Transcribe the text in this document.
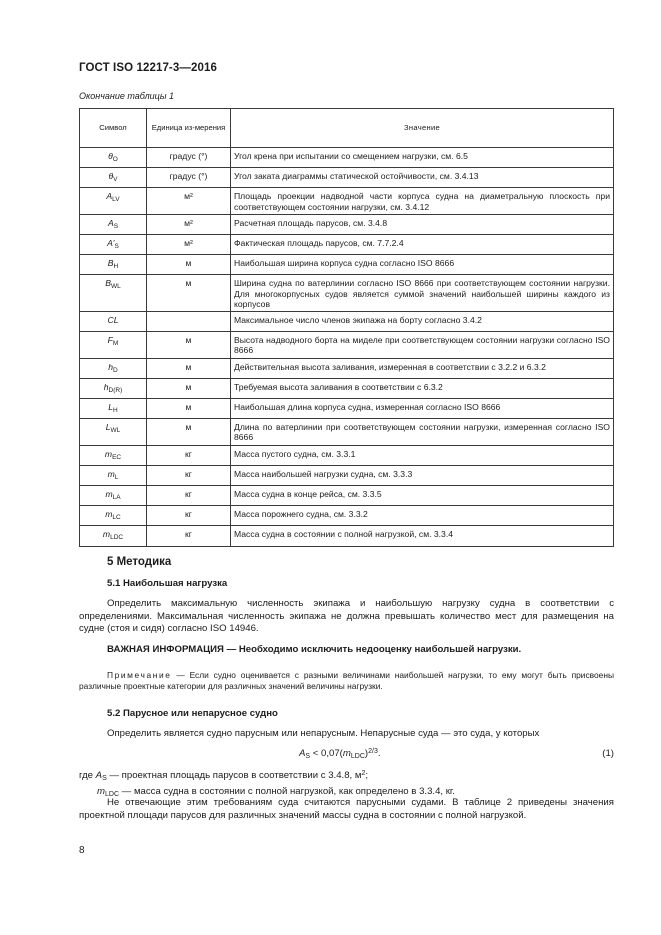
ГОСТ ISO 12217-3—2016
Окончание таблицы 1
Символ	Единица из-мерения	Значение
$\theta_O$	градус (°)	Угол крена при испытании со смещением нагрузки, см. 6.5
$\theta_V$	градус (°)	Угол заката диаграммы статической остойчивости, см. 3.4.13
$A_{LV}$	м²	Площадь проекции надводной части корпуса судна на диаметральную плоскость при соответствующем состоянии нагрузки, см. 3.4.12
$A_S$	м²	Расчетная площадь парусов, см. 3.4.8
$A’_S$	м²	Фактическая площадь парусов, см. 7.7.2.4
$B_H$	м	Наибольшая ширина корпуса судна согласно ISO 8666
$B_{WL}$	м	Ширина судна по ватерлинии согласно ISO 8666 при соответствующем состоянии нагрузки. Для многокорпусных судов является суммой значений наибольшей ширины каждого из корпусов
CL		Максимальное число членов экипажа на борту согласно 3.4.2
$F_M$	м	Высота надводного борта на миделе при соответствующем состоянии нагрузки согласно ISO 8666
$h_D$	м	Действительная высота заливания, измеренная в соответствии с 3.2.2 и 6.3.2
$h_{D(R)}$	м	Требуемая высота заливания в соответствии с 6.3.2
$L_H$	м	Наибольшая длина корпуса судна, измеренная согласно ISO 8666
$L_{WL}$	м	Длина по ватерлинии при соответствующем состоянии нагрузки, измеренная согласно ISO 8666
$m_{EC}$	кг	Масса пустого судна, см. 3.3.1
$m_L$	кг	Масса наибольшей нагрузки судна, см. 3.3.3
$m_{LA}$	кг	Масса судна в конце рейса, см. 3.3.5
$m_{LC}$	кг	Масса порожнего судна, см. 3.3.2
$m_{LDC}$	кг	Масса судна в состоянии с полной нагрузкой, см. 3.3.4
5 Методика
5.1 Наибольшая нагрузка
Определить максимальную численность экипажа и наибольшую нагрузку судна в соответствии с определениями. Максимальная численность экипажа не должна превышать количество мест для размещения на судне (стоя и сидя) согласно ISO 14946.
ВАЖНАЯ ИНФОРМАЦИЯ — Необходимо исключить недооценку наибольшей нагрузки.
Примечание — Если судно оценивается с разными величинами наибольшей нагрузки, то ему могут быть присвоены различные проектные категории для различных значений величины нагрузки.
5.2 Парусное или непарусное судно
Определить является судно парусным или непарусным. Непарусные суда — это суда, у которых
$A_S < 0,07(m_{LDC})^{2/3}$.	(1)
где $A_S$ — проектная площадь парусов в соответствии с 3.4.8, $м^2$;
$m_{LDC}$ — масса судна в состоянии с полной нагрузкой, как определено в 3.3.4, кг.
Не отвечающие этим требованиям суда считаются парусными судами. В таблице 2 приведены значения проектной площади парусов для различных значений массы судна в состоянии с полной нагрузкой.
8
